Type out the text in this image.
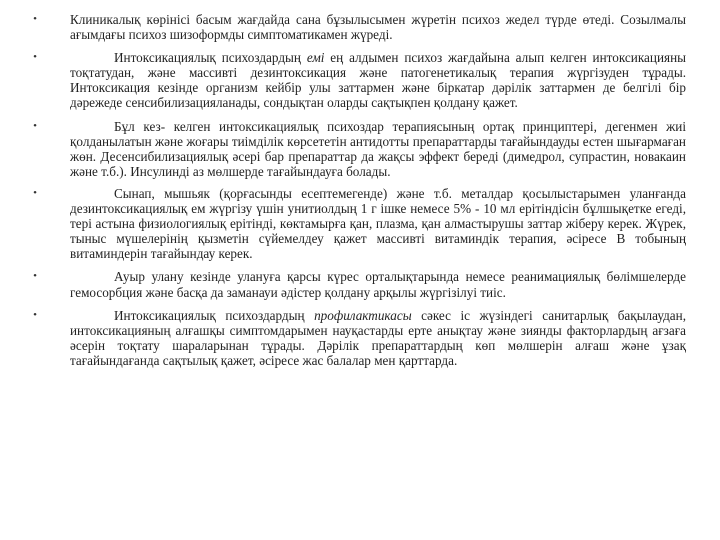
•	Клиникалық көрінісі басым жағдайда сана бұзылысымен жүретін психоз жедел түрде өтеді. Созылмалы ағымдағы психоз шизоформды симптоматикамен жүреді.
•	Интоксикациялық психоздардың емі ең алдымен психоз жағдайына алып келген интоксикацияны тоқтатудан, және массивті дезинтоксикация және патогенетикалық терапия жүргізуден тұрады. Интоксикация кезінде организм кейбір улы заттармен және біркатар дәрілік заттармен де белгілі бір дәрежеде сенсибилизацияланады, сондықтан оларды сақтықпен қолдану қажет.
•	Бұл кез- келген интоксикациялық психоздар терапиясының ортақ принциптері, дегенмен жиі қолданылатын және жоғары тиімділік көрсететін антидотты препараттарды тағайындауды естен шығармаған жөн. Десенсибилизациялық әсері бар препараттар да жақсы эффект береді (димедрол, супрастин, новакаин және т.б.). Инсулинді аз мөлшерде тағайындауға болады.
•	Сынап, мышьяк (қорғасынды есептемегенде) және т.б. металдар қосылыстарымен уланғанда дезинтоксикациялық ем жүргізу үшін унитиолдың 1 г ішке немесе 5% - 10 мл ерітіндісін бұлшықетке егеді, тері астына физиологиялық ерітінді, көктамырға қан, плазма, қан алмастырушы заттар жіберу керек. Жүрек, тыныс мүшелерінің қызметін сүйемелдеу қажет массивті витаминдік терапия, әсіресе В тобының витаминдерін тағайындау керек.
•	Ауыр улану кезінде улануға қарсы күрес орталықтарында немесе реанимациялық бөлімшелерде гемосорбция және басқа да заманауи әдістер қолдану арқылы жүргізілуі тиіс.
•	Интоксикациялық психоздардың профилактикасы сәкес іс жүзіндегі санитарлық бақылаудан, интоксикацияның алғашқы симптомдарымен науқастарды ерте анықтау және зиянды факторлардың ағзаға әсерін тоқтату шараларынан тұрады. Дәрілік препараттардың көп мөлшерін алғаш және ұзақ тағайындағанда сақтылық қажет, әсіресе жас балалар мен қарттарда.
